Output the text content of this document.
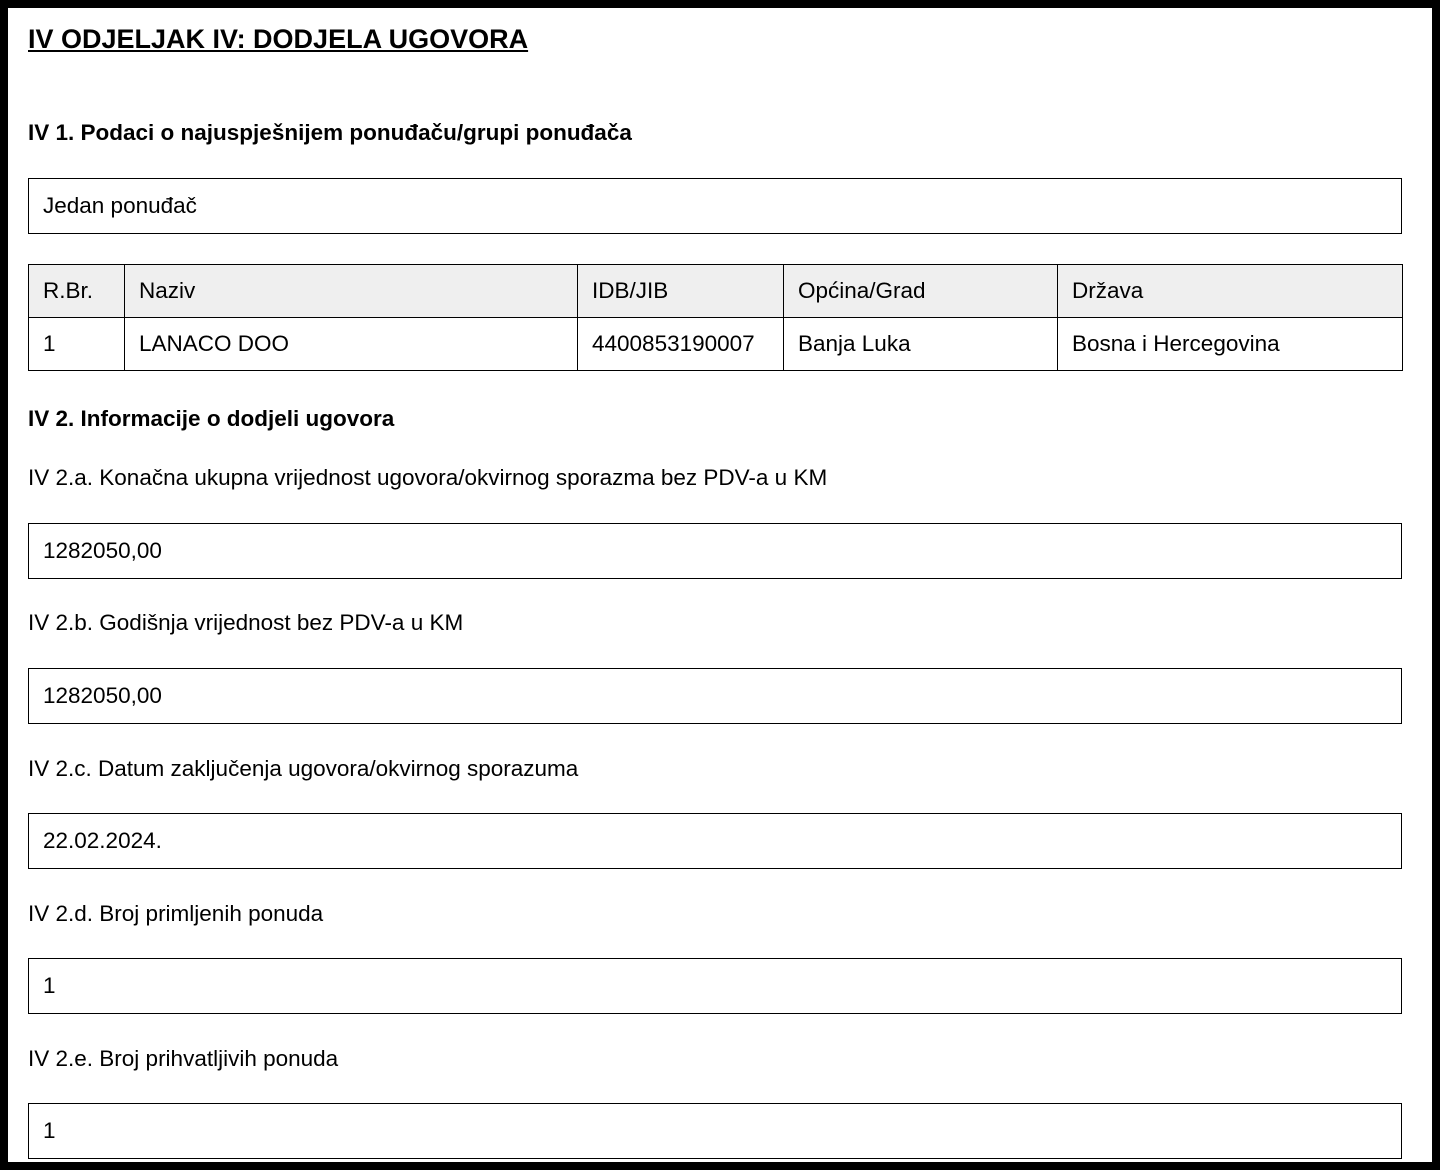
IV ODJELJAK IV: DODJELA UGOVORA
IV 1. Podaci o najuspješnijem ponuđaču/grupi ponuđača
Jedan ponuđač
R.Br.	Naziv	IDB/JIB	Općina/Grad	Država
1	LANACO DOO	4400853190007	Banja Luka	Bosna i Hercegovina
IV 2. Informacije o dodjeli ugovora

IV 2.a. Konačna ukupna vrijednost ugovora/okvirnog sporazma bez PDV-a u KM

1282050,00

IV 2.b. Godišnja vrijednost bez PDV-a u KM

1282050,00

IV 2.c. Datum zaključenja ugovora/okvirnog sporazuma

22.02.2024.

IV 2.d. Broj primljenih ponuda

1

IV 2.e. Broj prihvatljivih ponuda

1
